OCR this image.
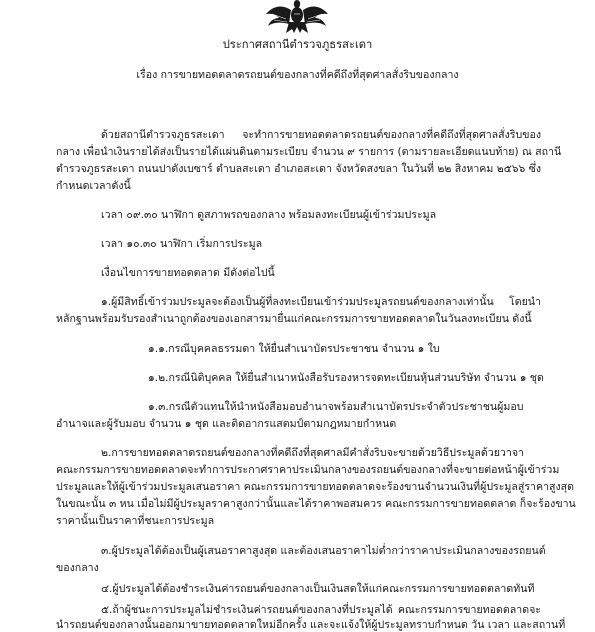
ประกาศสถานีตำรวจภูธรสะเดา
เรื่อง การขายทอดตลาดรถยนต์ของกลางที่คดีถึงที่สุดศาลสั่งริบของกลาง
ด้วยสถานีตำรวจภูธรสะเดา จะทำการขายทอดตลาดรถยนต์ของกลางที่คดีถึงที่สุดศาลสั่งริบของ
กลาง เพื่อนำเงินรายได้ส่งเป็นรายได้แผ่นดินตามระเบียบ จำนวน ๙ รายการ (ตามรายละเอียดแนบท้าย) ณ สถานี
ตำรวจภูธรสะเดา ถนนปาดังเบซาร์ ตำบลสะเดา อำเภอสะเดา จังหวัดสงขลา ในวันที่ ๒๒ สิงหาคม ๒๕๖๖ ซึ่ง
กำหนดเวลาดังนี้
เวลา ๐๙.๓๐ นาฬิกา ดูสภาพรถของกลาง พร้อมลงทะเบียนผู้เข้าร่วมประมูล
เวลา ๑๐.๓๐ นาฬิกา เริ่มการประมูล
เงื่อนไขการขายทอดตลาด มีดังต่อไปนี้
๑.ผู้มีสิทธิ์เข้าร่วมประมูลจะต้องเป็นผู้ที่ลงทะเบียนเข้าร่วมประมูลรถยนต์ของกลางเท่านั้น โดยนำ
หลักฐานพร้อมรับรองสำเนาถูกต้องของเอกสารมายื่นแก่คณะกรรมการขายทอดตลาดในวันลงทะเบียน ดังนี้
๑.๑.กรณีบุคคลธรรมดา ให้ยื่นสำเนาบัตรประชาชน จำนวน ๑ ใบ
๑.๒.กรณีนิติบุคคล ให้ยื่นสำเนาหนังสือรับรองหารจดทะเบียนหุ้นส่วนบริษัท จำนวน ๑ ชุด
๑.๓.กรณีตัวแทนให้นำหนังสือมอบอำนาจพร้อมสำเนาบัตรประจำตัวประชาชนผู้มอบ
อำนาจและผู้รับมอบ จำนวน ๑ ชุด และติดอากรแสตมป์ตามกฎหมายกำหนด
๒.การขายทอดตลาดรถยนต์ของกลางที่คดีถึงที่สุดศาลมีคำสั่งริบจะขายด้วยวิธีประมูลด้วยวาจา
คณะกรรมการขายทอดตลาดจะทำการประกาศราคาประเมินกลางของรถยนต์ของกลางที่จะขายต่อหน้าผู้เข้าร่วม
ประมูลและให้ผู้เข้าร่วมประมูลเสนอราคา คณะกรรมการขายทอดตลาดจะร้องขานจำนวนเงินที่ผู้ประมูลสู่ราคาสูงสุด
ในขณะนั้น ๓ หน เมื่อไม่มีผู้ประมูลราคาสูงกว่านั้นและได้ราคาพอสมควร คณะกรรมการขายทอดตลาด ก็จะร้องขาน
ราคานั้นเป็นราคาที่ชนะการประมูล
๓.ผู้ประมูลได้ต้องเป็นผู้เสนอราคาสูงสุด และต้องเสนอราคาไม่ต่ำกว่าราคาประเมินกลางของรถยนต์
ของกลาง
๔.ผู้ประมูลได้ต้องชำระเงินค่ารถยนต์ของกลางเป็นเงินสดให้แก่คณะกรรมการขายทอดตลาดทันที
๕.ถ้าผู้ชนะการประมูลไม่ชำระเงินค่ารถยนต์ของกลางที่ประมูลได้ คณะกรรมการขายทอดตลาดจะ
นำรถยนต์ของกลางนั้นออกมาขายทอดตลาดใหม่อีกครั้ง และจะแจ้งให้ผู้ประมูลทราบกำหนด วัน เวลา และสถานที่
